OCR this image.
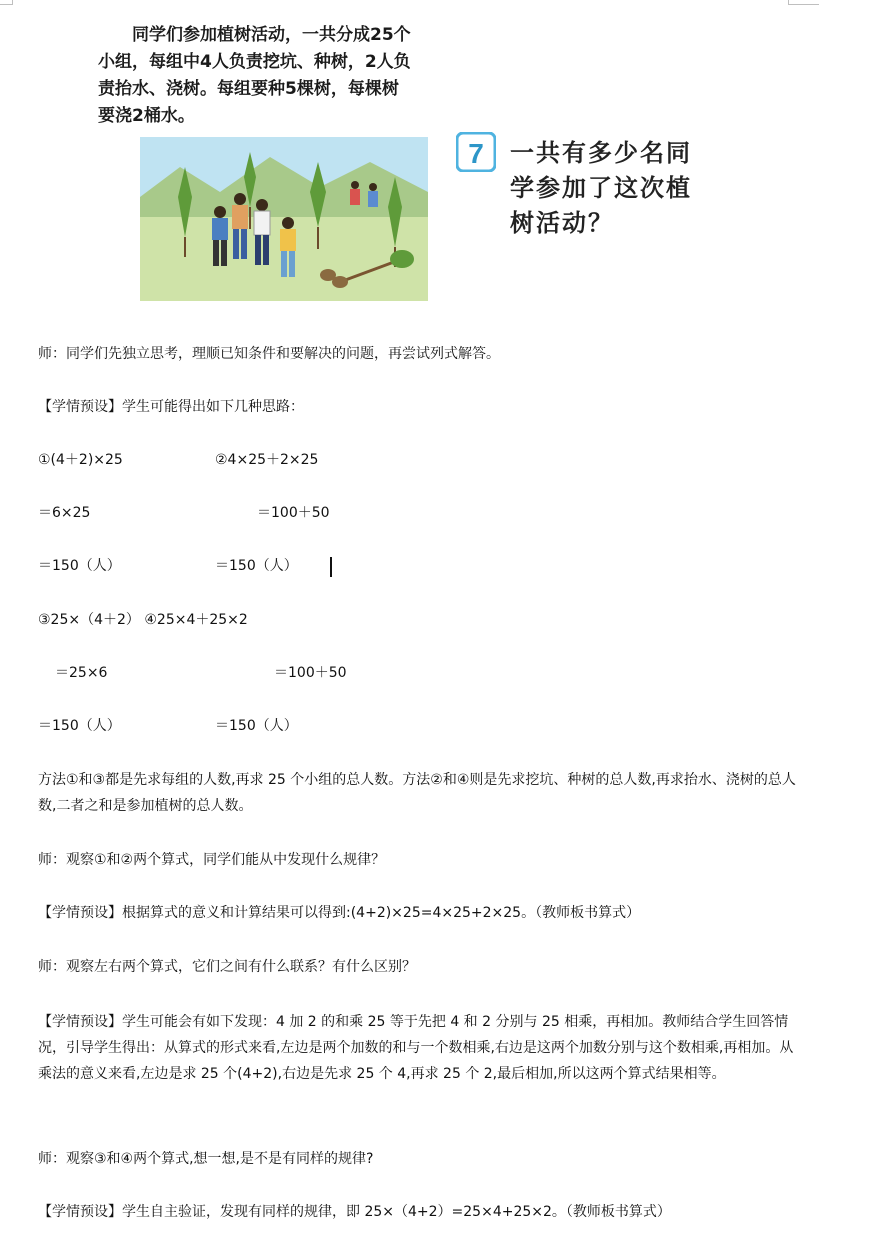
同学们参加植树活动，一共分成25个

小组，每组中4人负责挖坑、种树，2人负

责抬水、浇树。每组要种5棵树，每棵树

要浇2桶水。

7 一共有多少名同

学参加了这次植

树活动？

师：同学们先独立思考，理顺已知条件和要解决的问题，再尝试列式解答。
【学情预设】学生可能得出如下几种思路：
①(4＋2)×25	②4×25＋2×25
＝6×25	＝100＋50
＝150（人）	＝150（人）
③25×（4＋2） ④25×4＋25×2
＝25×6	＝100＋50
＝150（人）	＝150（人）
方法①和③都是先求每组的人数,再求 25 个小组的总人数。方法②和④则是先求挖坑、种树的总人数,再求抬水、浇树的总人数,二者之和是参加植树的总人数。
师：观察①和②两个算式，同学们能从中发现什么规律？
【学情预设】根据算式的意义和计算结果可以得到:(4+2)×25=4×25+2×25。（教师板书算式）
师：观察左右两个算式，它们之间有什么联系？有什么区别？
【学情预设】学生可能会有如下发现：4 加 2 的和乘 25 等于先把 4 和 2 分别与 25 相乘，再相加。教师结合学生回答情况，引导学生得出：从算式的形式来看,左边是两个加数的和与一个数相乘,右边是这两个加数分别与这个数相乘,再相加。从乘法的意义来看,左边是求 25 个(4+2),右边是先求 25 个 4,再求 25 个 2,最后相加,所以这两个算式结果相等。
师：观察③和④两个算式,想一想,是不是有同样的规律?
【学情预设】学生自主验证，发现有同样的规律，即 25×（4+2）=25×4+25×2。（教师板书算式）
